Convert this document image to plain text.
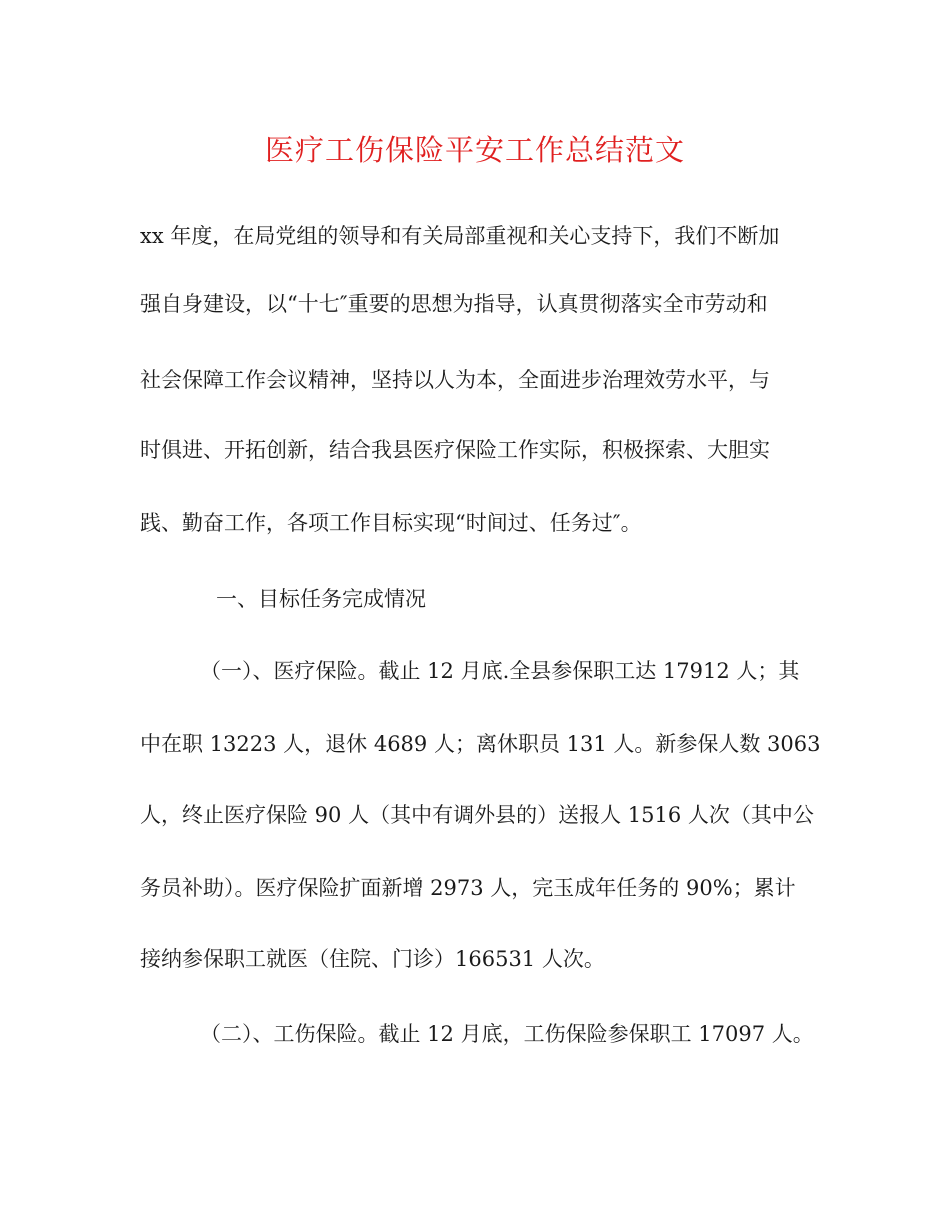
医疗工伤保险平安工作总结范文
xx 年度，在局党组的领导和有关局部重视和关心支持下，我们不断加
强自身建设，以“十七″重要的思想为指导，认真贯彻落实全市劳动和
社会保障工作会议精神，坚持以人为本，全面进步治理效劳水平，与
时俱进、开拓创新，结合我县医疗保险工作实际，积极探索、大胆实
践、勤奋工作，各项工作目标实现“时间过、任务过″。
一、目标任务完成情况
（一）、医疗保险。截止 12 月底.全县参保职工达 17912 人；其
中在职 13223 人，退休 4689 人；离休职员 131 人。新参保人数 3063
人，终止医疗保险 90 人（其中有调外县的）送报人 1516 人次（其中公
务员补助）。医疗保险扩面新增 2973 人，完玉成年任务的 90%；累计
接纳参保职工就医（住院、门诊）166531 人次。
（二）、工伤保险。截止 12 月底，工伤保险参保职工 17097 人。
